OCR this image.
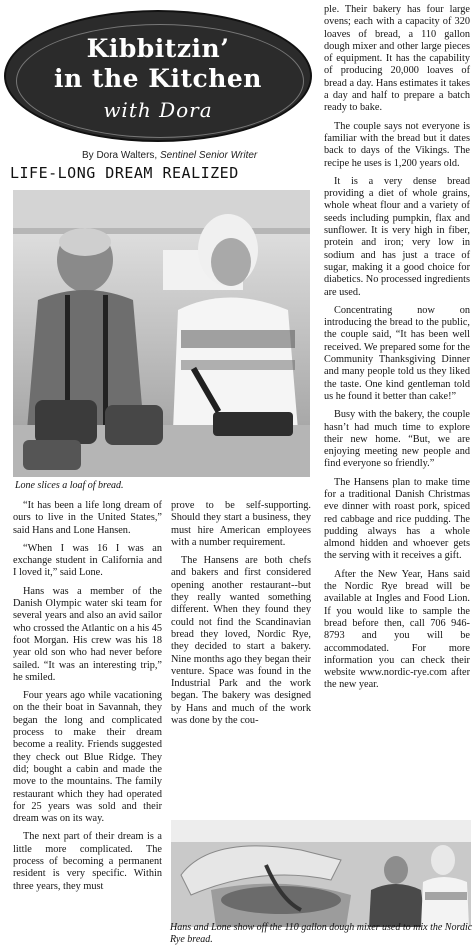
Kibbitzin’
in the Kitchen
with Dora
By Dora Walters, Sentinel Senior Writer
LIFE-LONG DREAM REALIZED
Lone slices a loaf of bread.

“It has been a life long dream of ours to live in the United States,” said Hans and Lone Hansen.

“When I was 16 I was an exchange student in California and I loved it,” said Lone.

Hans was a member of the Danish Olympic water ski team for several years and also an avid sailor who crossed the Atlantic on a his 45 foot Morgan. His crew was his 18 year old son who had never before sailed. “It was an interesting trip,” he smiled.

Four years ago while vacationing on the their boat in Savannah, they began the long and complicated process to make their dream become a reality. Friends suggested they check out Blue Ridge. They did; bought a cabin and made the move to the mountains. The family restaurant which they had operated for 25 years was sold and their dream was on its way.

The next part of their dream is a little more complicated. The process of becoming a permanent resident is very specific. Within three years, they must

prove to be self-supporting. Should they start a business, they must hire American employees with a number requirement.

The Hansens are both chefs and bakers and first considered opening another restaurant--but they really wanted something different. When they found they could not find the Scandinavian bread they loved, Nordic Rye, they decided to start a bakery. Nine months ago they began their venture. Space was found in the Industrial Park and the work began. The bakery was designed by Hans and much of the work was done by the cou-

ple. Their bakery has four large ovens; each with a capacity of 320 loaves of bread, a 110 gallon dough mixer and other large pieces of equipment. It has the capability of producing 20,000 loaves of bread a day. Hans estimates it takes a day and half to prepare a batch ready to bake.

The couple says not everyone is familiar with the bread but it dates back to days of the Vikings. The recipe he uses is 1,200 years old.

It is a very dense bread providing a diet of whole grains, whole wheat flour and a variety of seeds including pumpkin, flax and sunflower. It is very high in fiber, protein and iron; very low in sodium and has just a trace of sugar, making it a good choice for diabetics. No processed ingredients are used.

Concentrating now on introducing the bread to the public, the couple said, “It has been well received. We prepared some for the Community Thanksgiving Dinner and many people told us they liked the taste. One kind gentleman told us he found it better than cake!”

Busy with the bakery, the couple hasn’t had much time to explore their new home. “But, we are enjoying meeting new people and find everyone so friendly.”

The Hansens plan to make time for a traditional Danish Christmas eve dinner with roast pork, spiced red cabbage and rice pudding. The pudding always has a whole almond hidden and whoever gets the serving with it receives a gift.

After the New Year, Hans said the Nordic Rye bread will be available at Ingles and Food Lion. If you would like to sample the bread before then, call 706 946-8793 and you will be accommodated. For more information you can check their website www.nordic-rye.com after the new year.

Hans and Lone show off the 110 gallon dough mixer used to mix the Nordic Rye bread.
